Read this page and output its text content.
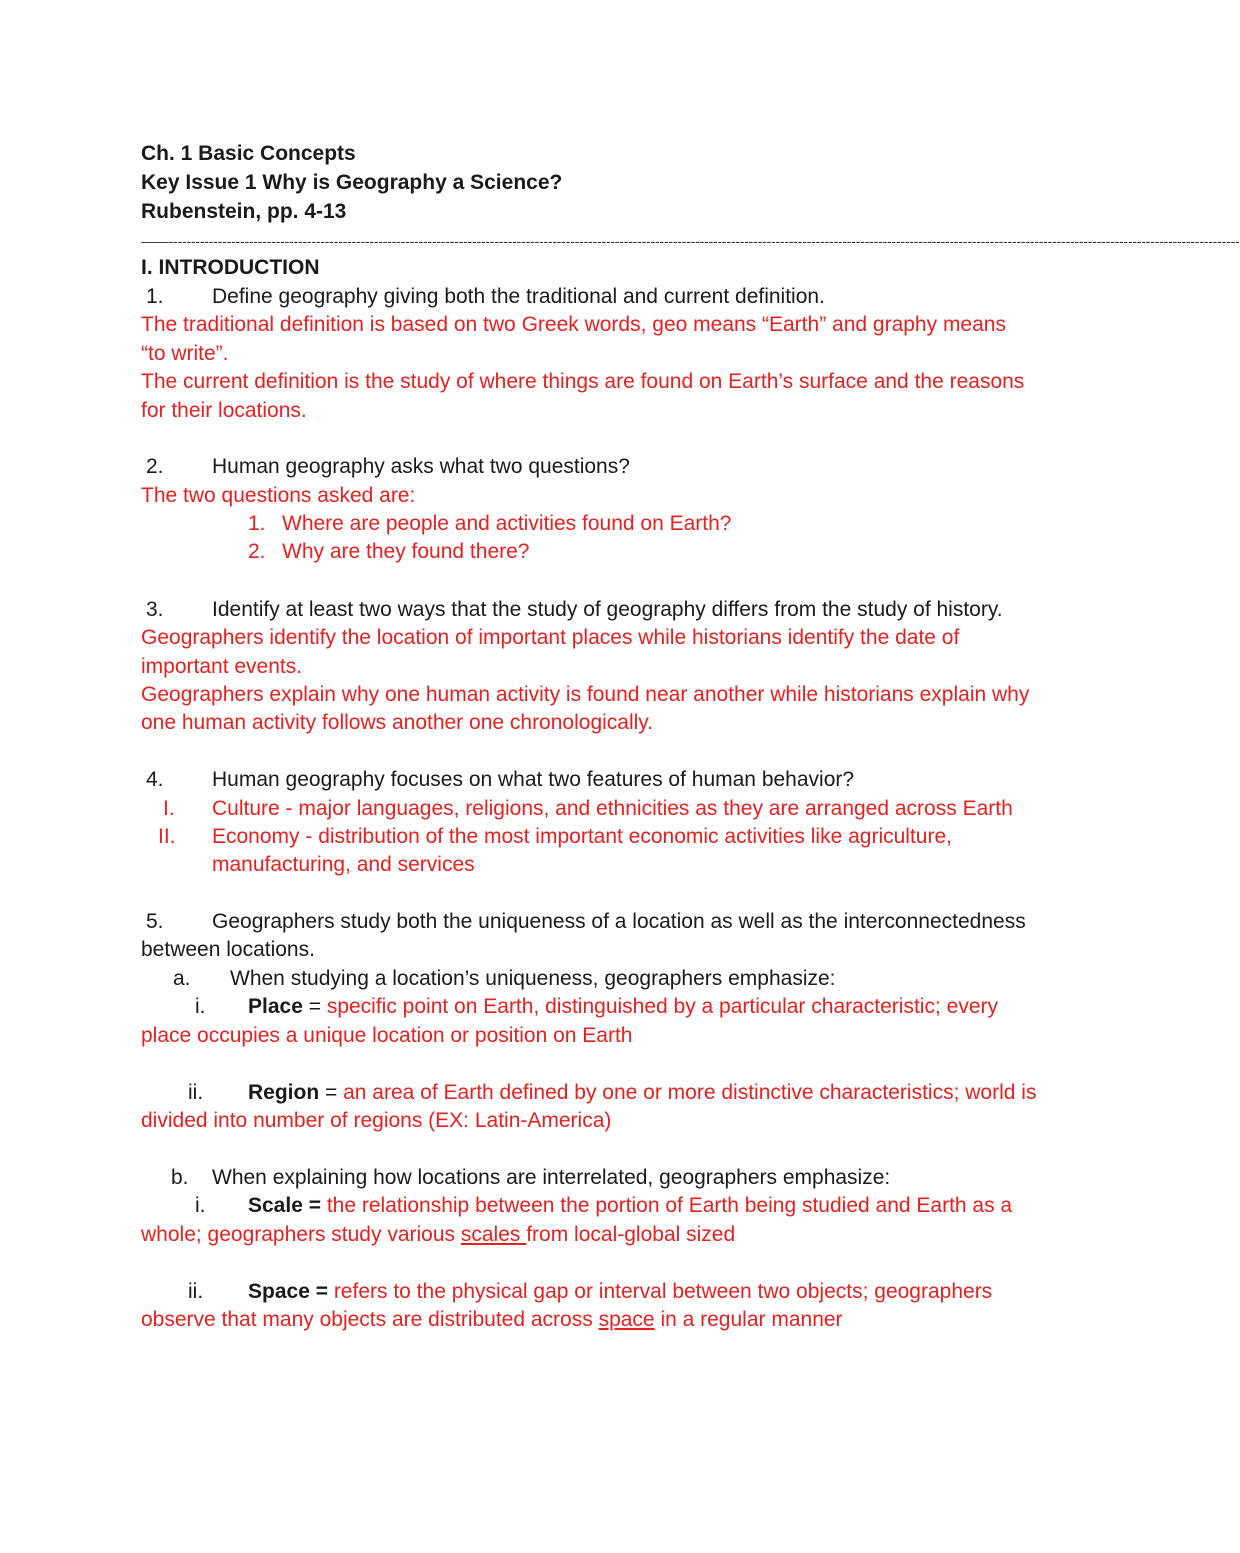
Ch. 1 Basic Concepts
Key Issue 1 Why is Geography a Science?
Rubenstein, pp. 4-13
——------------------------------------------------------------------------------------------------------------------------------------------------------------------------------------------------------------------------------------------------
I. INTRODUCTION
1. Define geography giving both the traditional and current definition.
The traditional definition is based on two Greek words, geo means “Earth” and graphy means
“to write”.
The current definition is the study of where things are found on Earth’s surface and the reasons
for their locations.
2. Human geography asks what two questions?
The two questions asked are:
1. Where are people and activities found on Earth?
2. Why are they found there?
3. Identify at least two ways that the study of geography differs from the study of history.
Geographers identify the location of important places while historians identify the date of
important events.
Geographers explain why one human activity is found near another while historians explain why
one human activity follows another one chronologically.
4. Human geography focuses on what two features of human behavior?
I. Culture - major languages, religions, and ethnicities as they are arranged across Earth
II. Economy - distribution of the most important economic activities like agriculture,
manufacturing, and services
5. Geographers study both the uniqueness of a location as well as the interconnectedness
between locations.
a. When studying a location’s uniqueness, geographers emphasize:
i. Place = specific point on Earth, distinguished by a particular characteristic; every
place occupies a unique location or position on Earth
ii. Region = an area of Earth defined by one or more distinctive characteristics; world is
divided into number of regions (EX: Latin-America)
b. When explaining how locations are interrelated, geographers emphasize:
i. Scale = the relationship between the portion of Earth being studied and Earth as a
whole; geographers study various scales from local-global sized
ii. Space = refers to the physical gap or interval between two objects; geographers
observe that many objects are distributed across space in a regular manner
